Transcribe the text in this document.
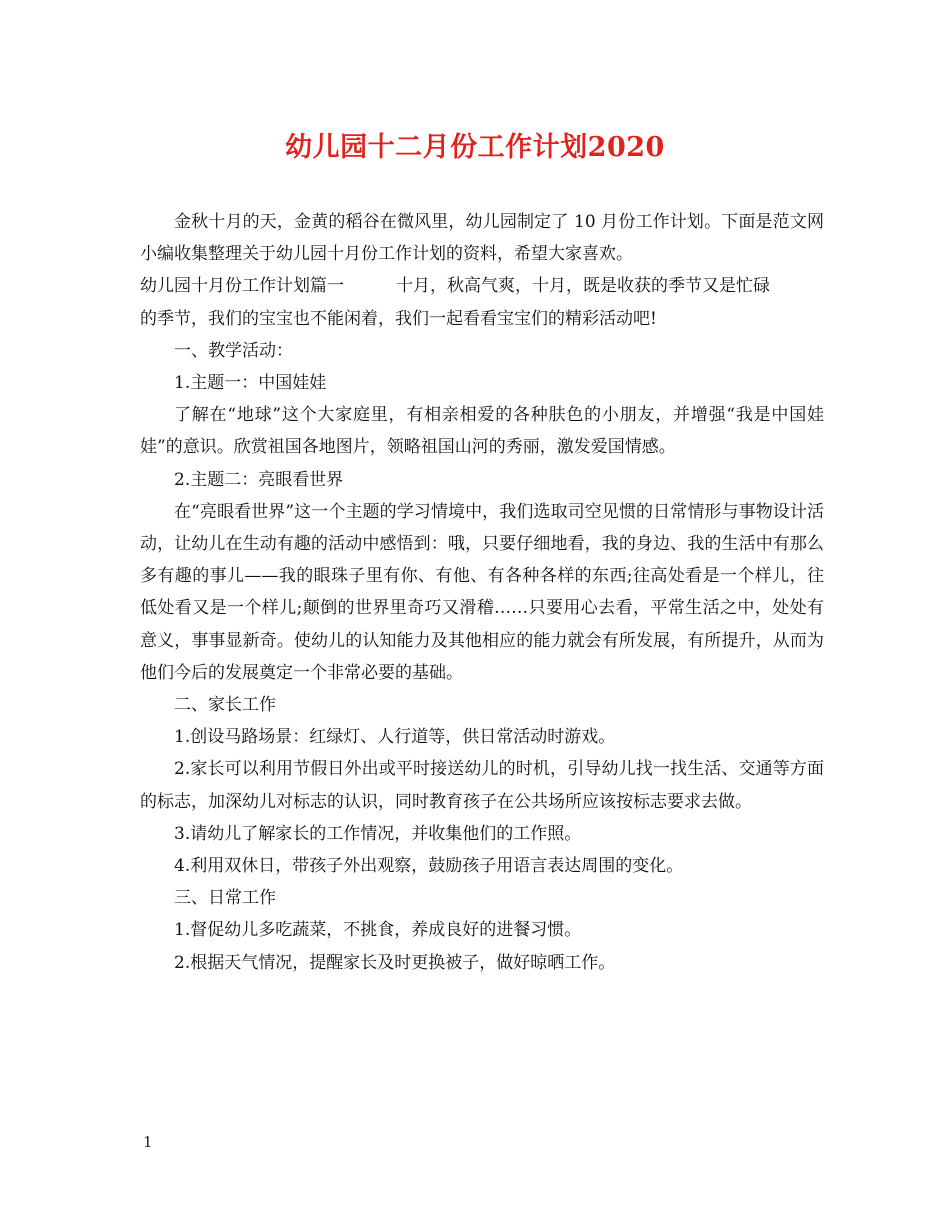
幼儿园十二月份工作计划2020

金秋十月的天，金黄的稻谷在微风里，幼儿园制定了 10 月份工作计划。下面是范文网小编收集整理关于幼儿园十月份工作计划的资料，希望大家喜欢。

幼儿园十月份工作计划篇一	十月，秋高气爽，十月，既是收获的季节又是忙碌

的季节，我们的宝宝也不能闲着，我们一起看看宝宝们的精彩活动吧!

一、教学活动：

1.主题一：中国娃娃

了解在“地球”这个大家庭里，有相亲相爱的各种肤色的小朋友，并增强“我是中国娃娃”的意识。欣赏祖国各地图片，领略祖国山河的秀丽，激发爱国情感。

2.主题二：亮眼看世界

在“亮眼看世界”这一个主题的学习情境中，我们选取司空见惯的日常情形与事物设计活动，让幼儿在生动有趣的活动中感悟到：哦，只要仔细地看，我的身边、我的生活中有那么多有趣的事儿——我的眼珠子里有你、有他、有各种各样的东西;往高处看是一个样儿，往低处看又是一个样儿;颠倒的世界里奇巧又滑稽……只要用心去看，平常生活之中，处处有意义，事事显新奇。使幼儿的认知能力及其他相应的能力就会有所发展，有所提升，从而为他们今后的发展奠定一个非常必要的基础。

二、家长工作

1.创设马路场景：红绿灯、人行道等，供日常活动时游戏。

2.家长可以利用节假日外出或平时接送幼儿的时机，引导幼儿找一找生活、交通等方面的标志，加深幼儿对标志的认识，同时教育孩子在公共场所应该按标志要求去做。

3.请幼儿了解家长的工作情况，并收集他们的工作照。

4.利用双休日，带孩子外出观察，鼓励孩子用语言表达周围的变化。

三、日常工作

1.督促幼儿多吃蔬菜，不挑食，养成良好的进餐习惯。

2.根据天气情况，提醒家长及时更换被子，做好晾晒工作。

1
